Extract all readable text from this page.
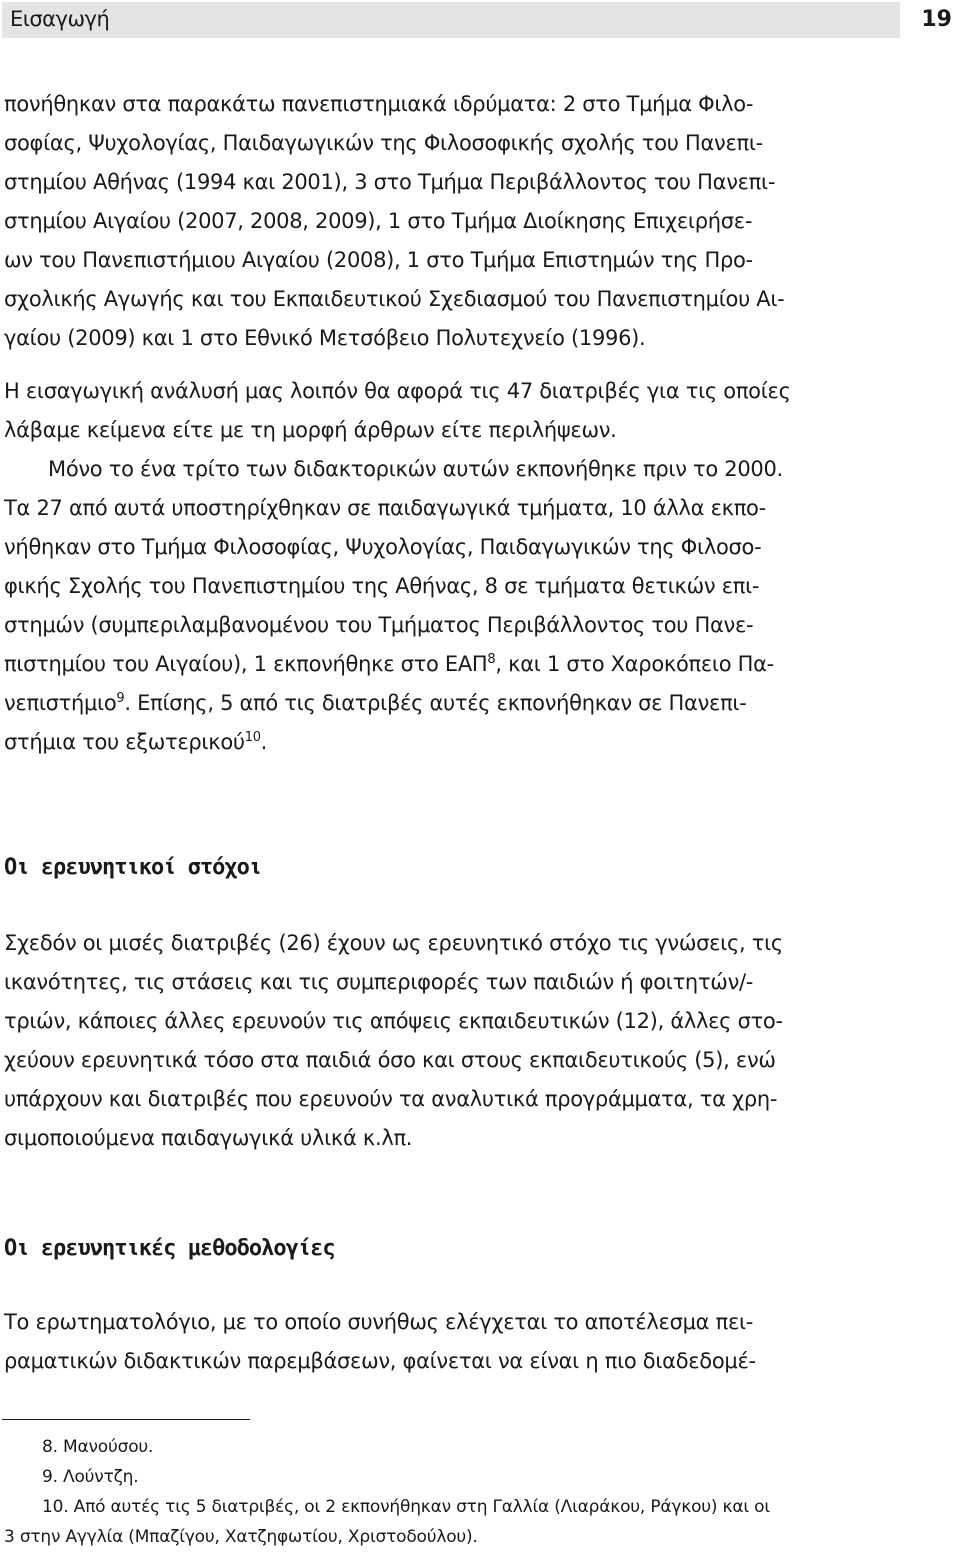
Εισαγωγή	19

πονήθηκαν στα παρακάτω πανεπιστημιακά ιδρύματα: 2 στο Τμήμα Φιλο-
σοφίας, Ψυχολογίας, Παιδαγωγικών της Φιλοσοφικής σχολής του Πανεπι-
στημίου Αθήνας (1994 και 2001), 3 στο Τμήμα Περιβάλλοντος του Πανεπι-
στημίου Αιγαίου (2007, 2008, 2009), 1 στο Τμήμα Διοίκησης Επιχειρήσε-
ων του Πανεπιστήμιου Αιγαίου (2008), 1 στο Τμήμα Επιστημών της Προ-
σχολικής Αγωγής και του Εκπαιδευτικού Σχεδιασμού του Πανεπιστημίου Αι-
γαίου (2009) και 1 στο Εθνικό Μετσόβειο Πολυτεχνείο (1996).

Η εισαγωγική ανάλυσή μας λοιπόν θα αφορά τις 47 διατριβές για τις οποίες
λάβαμε κείμενα είτε με τη μορφή άρθρων είτε περιλήψεων.

Μόνο το ένα τρίτο των διδακτορικών αυτών εκπονήθηκε πριν το 2000.
Τα 27 από αυτά υποστηρίχθηκαν σε παιδαγωγικά τμήματα, 10 άλλα εκπο-
νήθηκαν στο Τμήμα Φιλοσοφίας, Ψυχολογίας, Παιδαγωγικών της Φιλοσο-
φικής Σχολής του Πανεπιστημίου της Αθήνας, 8 σε τμήματα θετικών επι-
στημών (συμπεριλαμβανομένου του Τμήματος Περιβάλλοντος του Πανε-
πιστημίου του Αιγαίου), 1 εκπονήθηκε στο ΕΑΠ$^8$, και 1 στο Χαροκόπειο Πα-
νεπιστήμιο$^9$. Επίσης, 5 από τις διατριβές αυτές εκπονήθηκαν σε Πανεπι-
στήμια του εξωτερικού$^{10}$.

Οι ερευνητικοί στόχοι

Σχεδόν οι μισές διατριβές (26) έχουν ως ερευνητικό στόχο τις γνώσεις, τις
ικανότητες, τις στάσεις και τις συμπεριφορές των παιδιών ή φοιτητών/-
τριών, κάποιες άλλες ερευνούν τις απόψεις εκπαιδευτικών (12), άλλες στο-
χεύουν ερευνητικά τόσο στα παιδιά όσο και στους εκπαιδευτικούς (5), ενώ
υπάρχουν και διατριβές που ερευνούν τα αναλυτικά προγράμματα, τα χρη-
σιμοποιούμενα παιδαγωγικά υλικά κ.λπ.

Οι ερευνητικές μεθοδολογίες

Το ερωτηματολόγιο, με το οποίο συνήθως ελέγχεται το αποτέλεσμα πει-
ραματικών διδακτικών παρεμβάσεων, φαίνεται να είναι η πιο διαδεδομέ-

8. Μανούσου.
9. Λούντζη.
10. Από αυτές τις 5 διατριβές, οι 2 εκπονήθηκαν στη Γαλλία (Λιαράκου, Ράγκου) και οι
3 στην Αγγλία (Μπαζίγου, Χατζηφωτίου, Χριστοδούλου).
